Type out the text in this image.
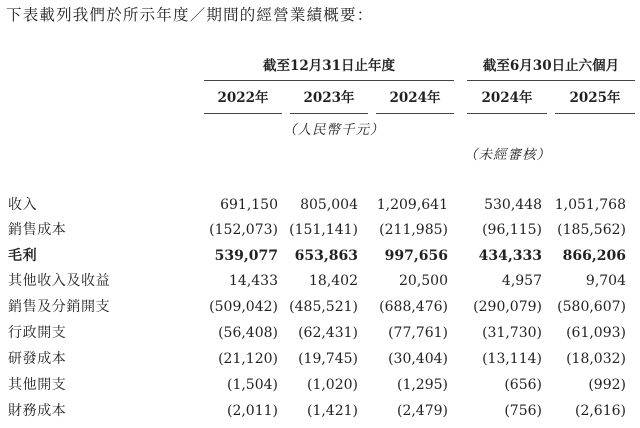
下表載列我們於所示年度／期間的經營業績概要：
截至12月31日止年度	截至6月30日止六個月
2022年	2023年	2024年	2024年	2025年
（人民幣千元）
（未經審核）
收入	691,150 805,004 1,209,641	530,448 1,051,768
銷售成本	(152,073) (151,141) (211,985) (96,115) (185,562)
毛利	539,077 653,863 997,656 434,333 866,206
其他收入及收益	14,433 18,402	20,500	4,957	9,704
銷售及分銷開支	(509,042) (485,521) (688,476) (290,079) (580,607)
行政開支	(56,408) (62,431) (77,761) (31,730) (61,093)
研發成本	(21,120) (19,745) (30,404) (13,114) (18,032)
其他開支	(1,504) (1,020)	(1,295)	(656)	(992)
財務成本	(2,011) (1,421)	(2,479)	(756) (2,616)
